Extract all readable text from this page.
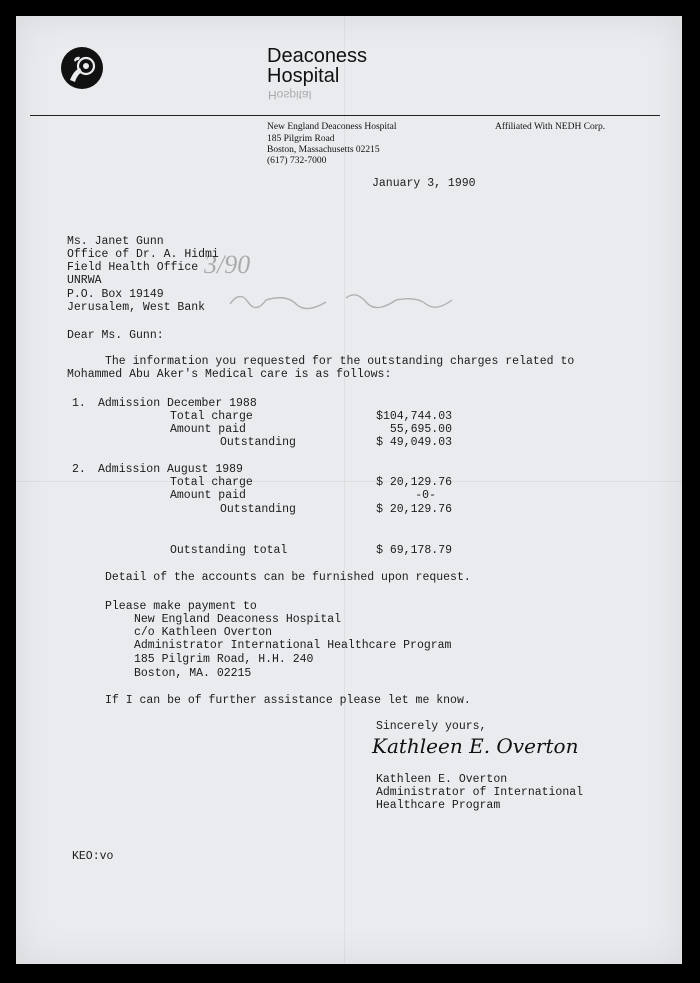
Deaconess
Hospital
Hospital
New England Deaconess Hospital	Affiliated With NEDH Corp.
185 Pilgrim Road
Boston, Massachusetts 02215
(617) 732-7000
January 3, 1990
Ms. Janet Gunn
Office of Dr. A. Hidmi
Field Health Office
UNRWA
P.O. Box 19149
Jerusalem, West Bank
3/90
Dear Ms. Gunn:
The information you requested for the outstanding charges related to
Mohammed Abu Aker's Medical care is as follows:
1. Admission December 1988
Total charge	$104,744.03
Amount paid	55,695.00
Outstanding	$ 49,049.03
2. Admission August 1989
Total charge	$ 20,129.76
Amount paid	-0-
Outstanding	$ 20,129.76
Outstanding total	$ 69,178.79
Detail of the accounts can be furnished upon request.
Please make payment to
New England Deaconess Hospital
c/o Kathleen Overton
Administrator International Healthcare Program
185 Pilgrim Road, H.H. 240
Boston, MA. 02215
If I can be of further assistance please let me know.
Sincerely yours,
Kathleen E. Overton
Kathleen E. Overton
Administrator of International
Healthcare Program
KEO:vo
